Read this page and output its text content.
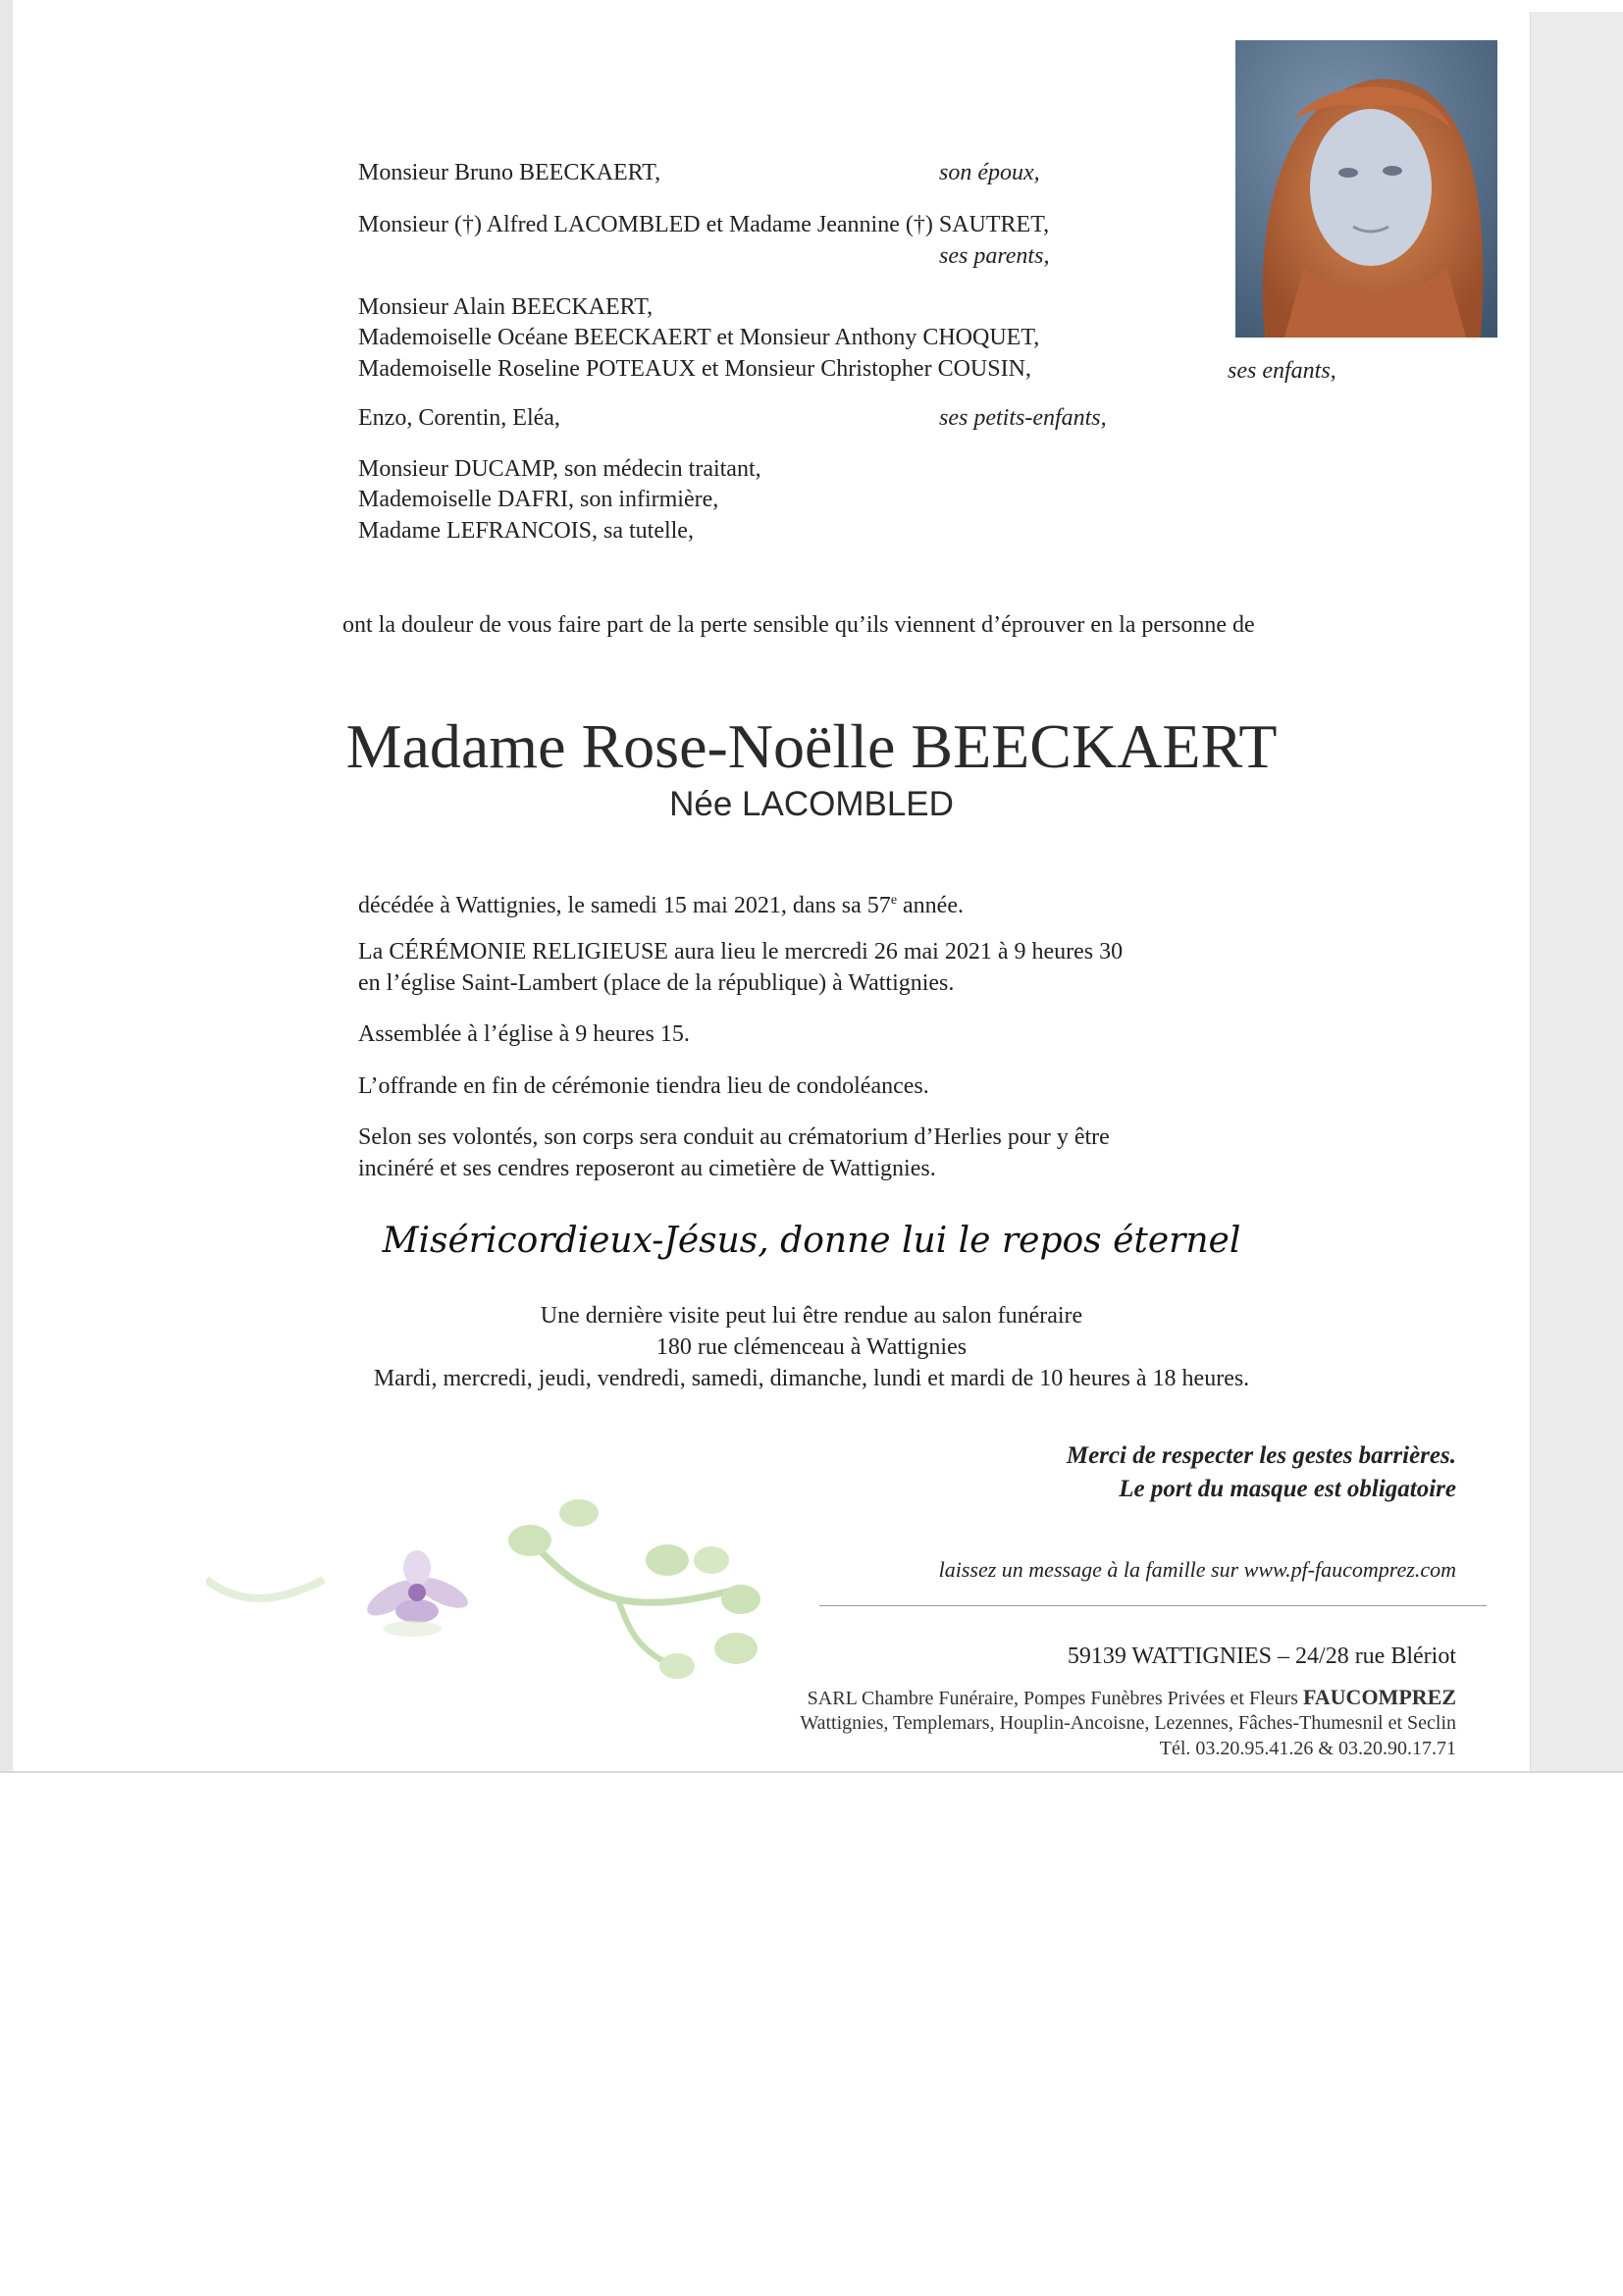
Monsieur Bruno BEECKAERT,	son époux,
Monsieur (†) Alfred LACOMBLED et Madame Jeannine (†) SAUTRET,
ses parents,
Monsieur Alain BEECKAERT,
Mademoiselle Océane BEECKAERT et Monsieur Anthony CHOQUET,
Mademoiselle Roseline POTEAUX et Monsieur Christopher COUSIN,	ses enfants,
Enzo, Corentin, Eléa,	ses petits-enfants,
Monsieur DUCAMP, son médecin traitant,
Mademoiselle DAFRI, son infirmière,
Madame LEFRANCOIS, sa tutelle,
ont la douleur de vous faire part de la perte sensible qu’ils viennent d’éprouver en la personne de
Madame Rose-Noëlle BEECKAERT
Née LACOMBLED
décédée à Wattignies, le samedi 15 mai 2021, dans sa 57e année.
La CÉRÉMONIE RELIGIEUSE aura lieu le mercredi 26 mai 2021 à 9 heures 30
en l’église Saint-Lambert (place de la république) à Wattignies.
Assemblée à l’église à 9 heures 15.
L’offrande en fin de cérémonie tiendra lieu de condoléances.
Selon ses volontés, son corps sera conduit au crématorium d’Herlies pour y être
incinéré et ses cendres reposeront au cimetière de Wattignies.
Miséricordieux-Jésus, donne lui le repos éternel
Une dernière visite peut lui être rendue au salon funéraire
180 rue clémenceau à Wattignies
Mardi, mercredi, jeudi, vendredi, samedi, dimanche, lundi et mardi de 10 heures à 18 heures.
Merci de respecter les gestes barrières.
Le port du masque est obligatoire
laissez un message à la famille sur www.pf-faucomprez.com
59139 WATTIGNIES – 24/28 rue Blériot
SARL Chambre Funéraire, Pompes Funèbres Privées et Fleurs FAUCOMPREZ
Wattignies, Templemars, Houplin-Ancoisne, Lezennes, Fâches-Thumesnil et Seclin
Tél. 03.20.95.41.26 & 03.20.90.17.71
